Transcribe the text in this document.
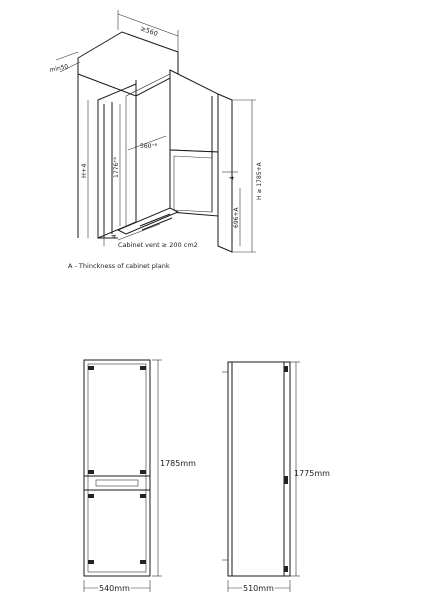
≥560
min50
H+4	1776⁺⁸
560⁺⁸
4
696+A
H ≥ 1785+A
4
Cabinet vent ≥ 200 cm2
A - Thinckness of cabinet plank
1785mm
540mm
1775mm
510mm
